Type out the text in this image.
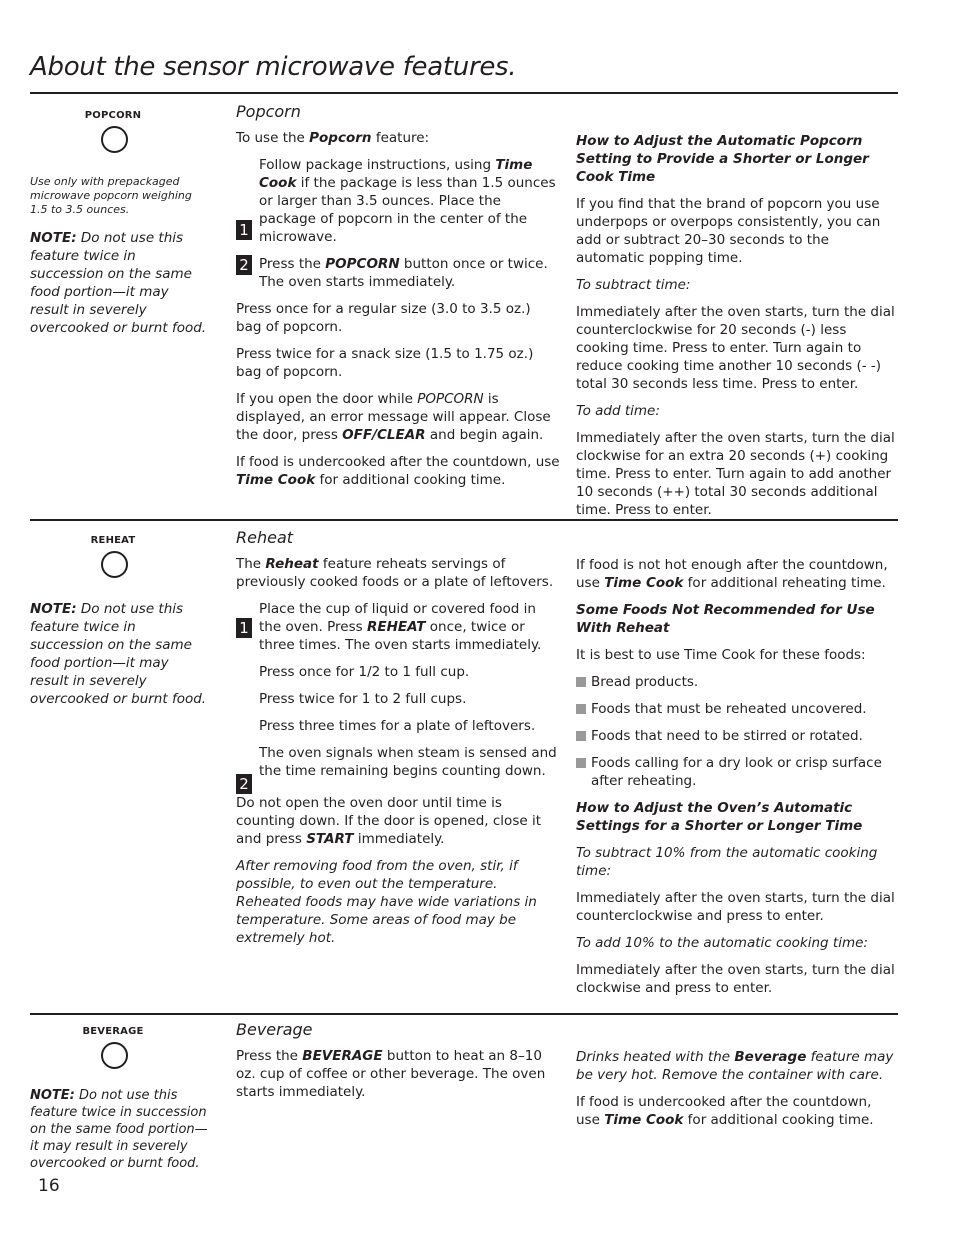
About the sensor microwave features.
POPCORN
Use only with prepackaged microwave popcorn weighing 1.5 to 3.5 ounces.
NOTE: Do not use this feature twice in succession on the same food portion—it may result in severely overcooked or burnt food.
Popcorn

To use the Popcorn feature:

1

Follow package instructions, using Time Cook if the package is less than 1.5 ounces or larger than 3.5 ounces. Place the package of popcorn in the center of the microwave.

2 Press the POPCORN button once or twice. The oven starts immediately.

Press once for a regular size (3.0 to 3.5 oz.) bag of popcorn.

Press twice for a snack size (1.5 to 1.75 oz.) bag of popcorn.

If you open the door while POPCORN is displayed, an error message will appear. Close the door, press OFF/CLEAR and begin again.

If food is undercooked after the countdown, use Time Cook for additional cooking time.

How to Adjust the Automatic Popcorn Setting to Provide a Shorter or Longer Cook Time

If you find that the brand of popcorn you use underpops or overpops consistently, you can add or subtract 20–30 seconds to the automatic popping time.

To subtract time:

Immediately after the oven starts, turn the dial counterclockwise for 20 seconds (-) less cooking time. Press to enter. Turn again to reduce cooking time another 10 seconds (- -) total 30 seconds less time. Press to enter.

To add time:

Immediately after the oven starts, turn the dial clockwise for an extra 20 seconds (+) cooking time. Press to enter. Turn again to add another 10 seconds (++) total 30 seconds additional time. Press to enter.

REHEAT
NOTE: Do not use this feature twice in succession on the same food portion—it may result in severely overcooked or burnt food.
Reheat

The Reheat feature reheats servings of previously cooked foods or a plate of leftovers.

1

Place the cup of liquid or covered food in the oven. Press REHEAT once, twice or three times. The oven starts immediately.

Press once for 1/2 to 1 full cup.

Press twice for 1 to 2 full cups.

Press three times for a plate of leftovers.

2

The oven signals when steam is sensed and the time remaining begins counting down.

Do not open the oven door until time is counting down. If the door is opened, close it and press START immediately.

After removing food from the oven, stir, if possible, to even out the temperature. Reheated foods may have wide variations in temperature. Some areas of food may be extremely hot.

If food is not hot enough after the countdown, use Time Cook for additional reheating time.

Some Foods Not Recommended for Use With Reheat

It is best to use Time Cook for these foods:

Bread products.
Foods that must be reheated uncovered.
Foods that need to be stirred or rotated.
Foods calling for a dry look or crisp surface after reheating.
How to Adjust the Oven’s Automatic Settings for a Shorter or Longer Time

To subtract 10% from the automatic cooking time:

Immediately after the oven starts, turn the dial counterclockwise and press to enter.

To add 10% to the automatic cooking time:

Immediately after the oven starts, turn the dial clockwise and press to enter.

BEVERAGE
NOTE: Do not use this feature twice in succession on the same food portion—it may result in severely overcooked or burnt food.
Beverage

Press the BEVERAGE button to heat an 8–10 oz. cup of coffee or other beverage. The oven starts immediately.

Drinks heated with the Beverage feature may be very hot. Remove the container with care.

If food is undercooked after the countdown, use Time Cook for additional cooking time.

16
